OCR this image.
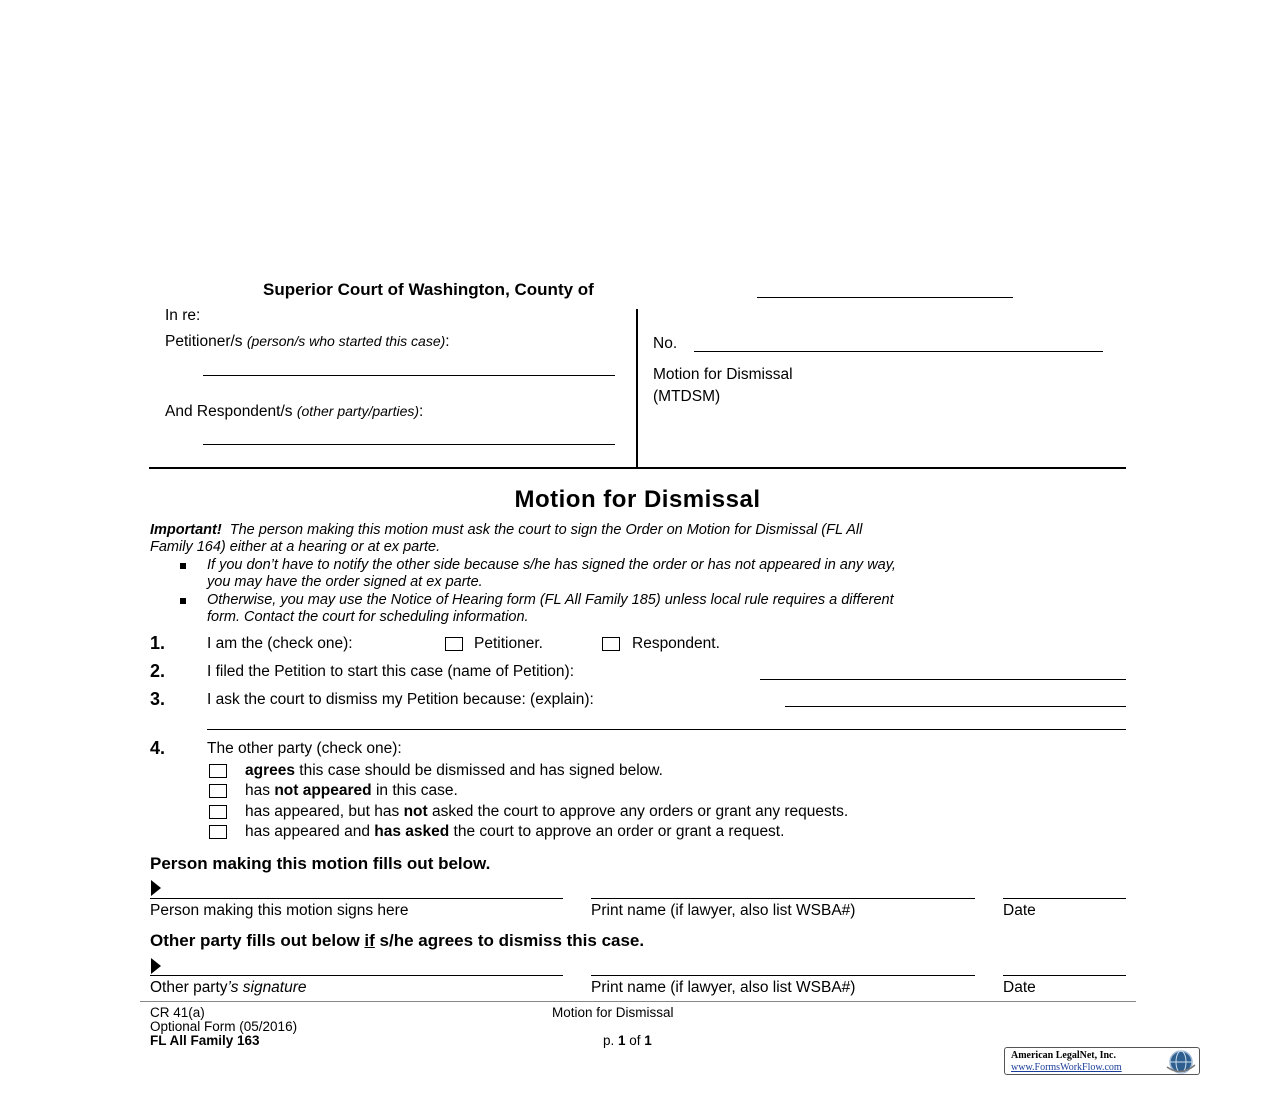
Superior Court of Washington, County of
In re:
Petitioner/s (person/s who started this case):
And Respondent/s (other party/parties):
No.
Motion for Dismissal
(MTDSM)
Motion for Dismissal
Important! The person making this motion must ask the court to sign the Order on Motion for Dismissal (FL All
Family 164) either at a hearing or at ex parte.
If you don’t have to notify the other side because s/he has signed the order or has not appeared in any way,
you may have the order signed at ex parte.
Otherwise, you may use the Notice of Hearing form (FL All Family 185) unless local rule requires a different
form. Contact the court for scheduling information.
1.	I am the (check one):	Petitioner.	Respondent.
2.	I filed the Petition to start this case (name of Petition):
3.	I ask the court to dismiss my Petition because: (explain):
4.	The other party (check one):
agrees this case should be dismissed and has signed below.
has not appeared in this case.
has appeared, but has not asked the court to approve any orders or grant any requests.
has appeared and has asked the court to approve an order or grant a request.
Person making this motion fills out below.
Person making this motion signs here	Print name (if lawyer, also list WSBA#)	Date
Other party fills out below if s/he agrees to dismiss this case.
Other party’s signature	Print name (if lawyer, also list WSBA#)	Date
CR 41(a)
Optional Form (05/2016)
FL All Family 163
Motion for Dismissal
p. 1 of 1
American LegalNet, Inc.
www.FormsWorkFlow.com
